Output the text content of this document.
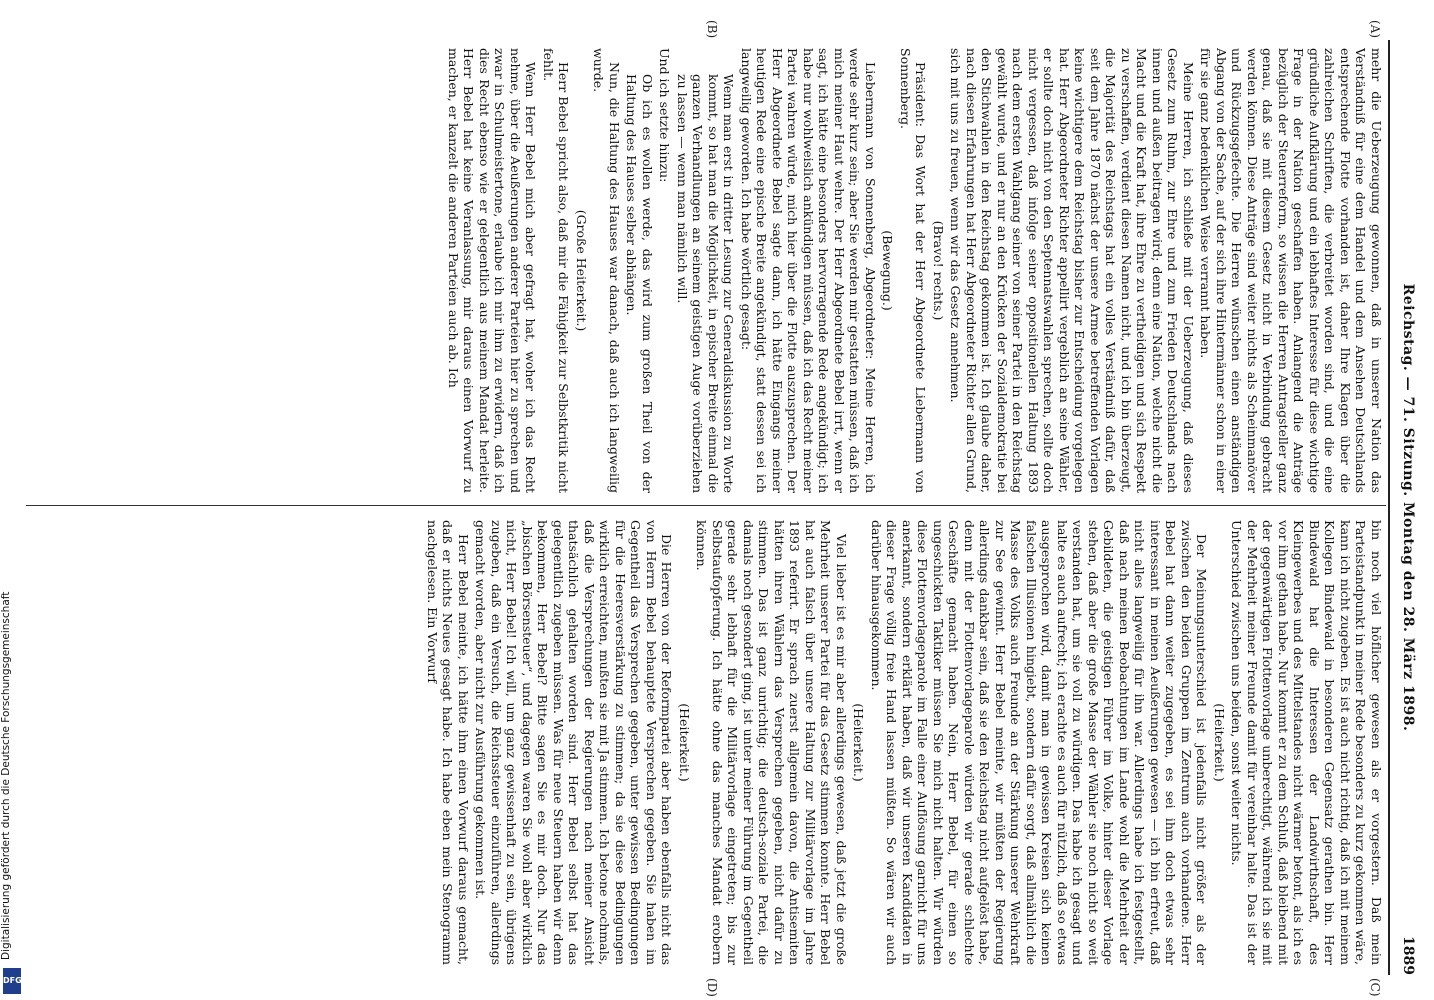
Reichstag. — 71. Sitzung. Montag den 28. März 1898.
1889
(A)
(B)
(C)
(D)

mehr die Ueberzeugung gewonnen, daß in unserer Nation das Verständniß für eine dem Handel und dem Ansehen Deutschlands entsprechende Flotte vorhanden ist, daher Ihre Klagen über die zahlreichen Schriften, die verbreitet worden sind, und die eine gründliche Aufklärung und ein lebhaftes Interesse für diese wichtige Frage in der Nation geschaffen haben. Anlangend die Anträge bezüglich der Steuerreform, so wissen die Herren Antragsteller ganz genau, daß sie mit diesem Gesetz nicht in Verbindung gebracht werden können. Diese Anträge sind weiter nichts als Scheinmanöver und Rückzugsgefechte. Die Herren wünschen einen anständigen Abgang von der Sache, auf der sich ihre Hintermänner schon in einer für sie ganz bedenklichen Weise verrannt haben.

Meine Herren, ich schließe mit der Ueberzeugung, daß dieses Gesetz zum Ruhm, zur Ehre und zum Frieden Deutschlands nach innen und außen beitragen wird; denn eine Nation, welche nicht die Macht und die Kraft hat, ihre Ehre zu vertheidigen und sich Respekt zu verschaffen, verdient diesen Namen nicht, und ich bin überzeugt, die Majorität des Reichstags hat ein volles Verständniß dafür, daß seit dem Jahre 1870 nächst der unsere Armee betreffenden Vorlagen keine wichtigere dem Reichstag bisher zur Entscheidung vorgelegen hat. Herr Abgeordneter Richter appellirt vergeblich an seine Wähler, er sollte doch nicht von den Septennatswahlen sprechen, sollte doch nicht vergessen, daß infolge seiner oppositionellen Haltung 1893 nach dem ersten Wahlgang seiner von seiner Partei in den Reichstag gewählt wurde, und er nur an den Krücken der Sozialdemokratie bei den Stichwahlen in den Reichstag gekommen ist. Ich glaube daher, nach diesen Erfahrungen hat Herr Abgeordneter Richter allen Grund, sich mit uns zu freuen, wenn wir das Gesetz annehmen.

(Bravo! rechts.)

Präsident: Das Wort hat der Herr Abgeordnete Liebermann von Sonnenberg.

(Bewegung.)

Liebermann von Sonnenberg, Abgeordneter: Meine Herren, ich werde sehr kurz sein; aber Sie werden mir gestatten müssen, daß ich mich meiner Haut wehre. Der Herr Abgeordnete Bebel irrt, wenn er sagt, ich hätte eine besonders hervorragende Rede angekündigt; ich habe nur wohlweislich ankündigen müssen, daß ich das Recht meiner Partei wahren würde, mich hier über die Flotte auszusprechen. Der Herr Abgeordnete Bebel sagte dann, ich hätte Eingangs meiner heutigen Rede eine epische Breite angekündigt, statt dessen sei ich langweilig geworden. Ich habe wörtlich gesagt:

Wenn man erst in dritter Lesung zur Generaldiskussion zu Worte kommt, so hat man die Möglichkeit, in epischer Breite einmal die ganzen Verhandlungen an seinem geistigen Auge vorüberziehen zu lassen — wenn man nämlich will.

Und ich setzte hinzu:

Ob ich es wollen werde, das wird zum großen Theil von der Haltung des Hauses selber abhängen.

Nun, die Haltung des Hauses war danach, daß auch ich langweilig wurde.

(Große Heiterkeit.)

Herr Bebel spricht also, daß mir die Fähigkeit zur Selbstkritik nicht fehlt.

Wenn Herr Bebel mich aber gefragt hat, woher ich das Recht nehme, über die Aeußerungen anderer Parteien hier zu sprechen und zwar in Schulmeistertone, erlaube ich mir ihm zu erwidern, daß ich dies Recht ebenso wie er gelegentlich aus meinem Mandat herleite. Herr Bebel hat keine Veranlassung, mir daraus einen Vorwurf zu machen, er kanzelt die anderen Parteien auch ab. Ich

bin noch viel höflicher gewesen als er vorgestern. Daß mein Parteistandpunkt in meiner Rede besonders zu kurz gekommen wäre, kann ich nicht zugeben. Es ist auch nicht richtig, daß ich mit meinem Kollegen Bindewald in besonderen Gegensatz gerathen bin. Herr Bindewald hat die Interessen der Landwirthschaft, des Kleingewerbes und des Mittelstandes nicht wärmer betont, als ich es vor ihm gethan habe. Nur kommt er zu dem Schluß, daß bleibend mit der gegenwärtigen Flottenvorlage unberechtigt, während ich sie mit der Mehrheit meiner Freunde damit für vereinbar halte. Das ist der Unterschied zwischen uns beiden, sonst weiter nichts.

(Heiterkeit.)

Der Meinungsunterschied ist jedenfalls nicht größer als der zwischen den beiden Gruppen im Zentrum auch vorhandene. Herr Bebel hat dann weiter zugegeben, es sei ihm doch etwas sehr interessant in meinen Aeußerungen gewesen — ich bin erfreut, daß nicht alles langweilig für ihn war. Allerdings habe ich festgestellt, daß nach meinen Beobachtungen im Lande wohl die Mehrheit der Gebildeten, die geistigen Führer im Volke, hinter dieser Vorlage stehen, daß aber die große Masse der Wähler sie noch nicht so weit verstanden hat, um sie voll zu würdigen. Das habe ich gesagt und halte es auch aufrecht; ich erachte es auch für nützlich, daß so etwas ausgesprochen wird, damit man in gewissen Kreisen sich keinen falschen Illusionen hingiebt, sondern dafür sorgt, daß allmählich die Masse des Volks auch Freunde an der Stärkung unserer Wehrkraft zur See gewinnt. Herr Bebel meinte, wir müßten der Regierung allerdings dankbar sein, daß sie den Reichstag nicht aufgelöst habe, denn mit der Flottenvorlageparole würden wir gerade schlechte Geschäfte gemacht haben. Nein, Herr Bebel, für einen so ungeschickten Taktiker müssen Sie mich nicht halten. Wir würden diese Flottenvorlageparole im Falle einer Auflösung garnicht für uns anerkannt, sondern erklärt haben, daß wir unseren Kandidaten in dieser Frage völlig freie Hand lassen müßten. So wären wir auch darüber hinausgekommen.

(Heiterkeit.)

Viel lieber ist es mir aber allerdings gewesen, daß jetzt die große Mehrheit unserer Partei für das Gesetz stimmen konnte. Herr Bebel hat auch falsch über unsere Haltung zur Militärvorlage im Jahre 1893 referirt. Er sprach zuerst allgemein davon, die Antisemiten hätten ihren Wählern das Versprechen gegeben, nicht dafür zu stimmen. Das ist ganz unrichtig; die deutsch-soziale Partei, die damals noch gesondert ging, ist unter meiner Führung im Gegentheil gerade sehr lebhaft für die Militärvorlage eingetreten; bis zur Selbstaufopferung. Ich hätte ohne das manches Mandat erobern können.

(Heiterkeit.)

Die Herren von der Reformpartei aber haben ebenfalls nicht das von Herrn Bebel behauptete Versprechen gegeben. Sie haben im Gegentheil das Versprechen gegeben, unter gewissen Bedingungen für die Heeresverstärkung zu stimmen; da sie diese Bedingungen wirklich erreichten, mußten sie mit Ja stimmen. Ich betone nochmals, daß die Versprechungen der Regierungen nach meiner Ansicht thatsächlich gehalten worden sind. Herr Bebel selbst hat das gelegentlich zugeben müssen. Was für neue Steuern haben wir denn bekommen, Herr Bebel? Bitte sagen Sie es mir doch. Nur das „bischen Börsensteuer“, und dagegen waren Sie wohl aber wirklich nicht, Herr Bebel! Ich will, um ganz gewissenhaft zu sein, übrigens zugeben, daß ein Versuch, die Reichssteuer einzuführen, allerdings gemacht worden, aber nicht zur Ausführung gekommen ist.

Herr Bebel meinte, ich hätte ihm einen Vorwurf daraus gemacht, daß er nichts Neues gesagt habe. Ich habe eben mein Stenogramm nachgelesen. Ein Vorwurf

Digitalisierung gefördert durch die Deutsche Forschungsgemeinschaft
DFG
